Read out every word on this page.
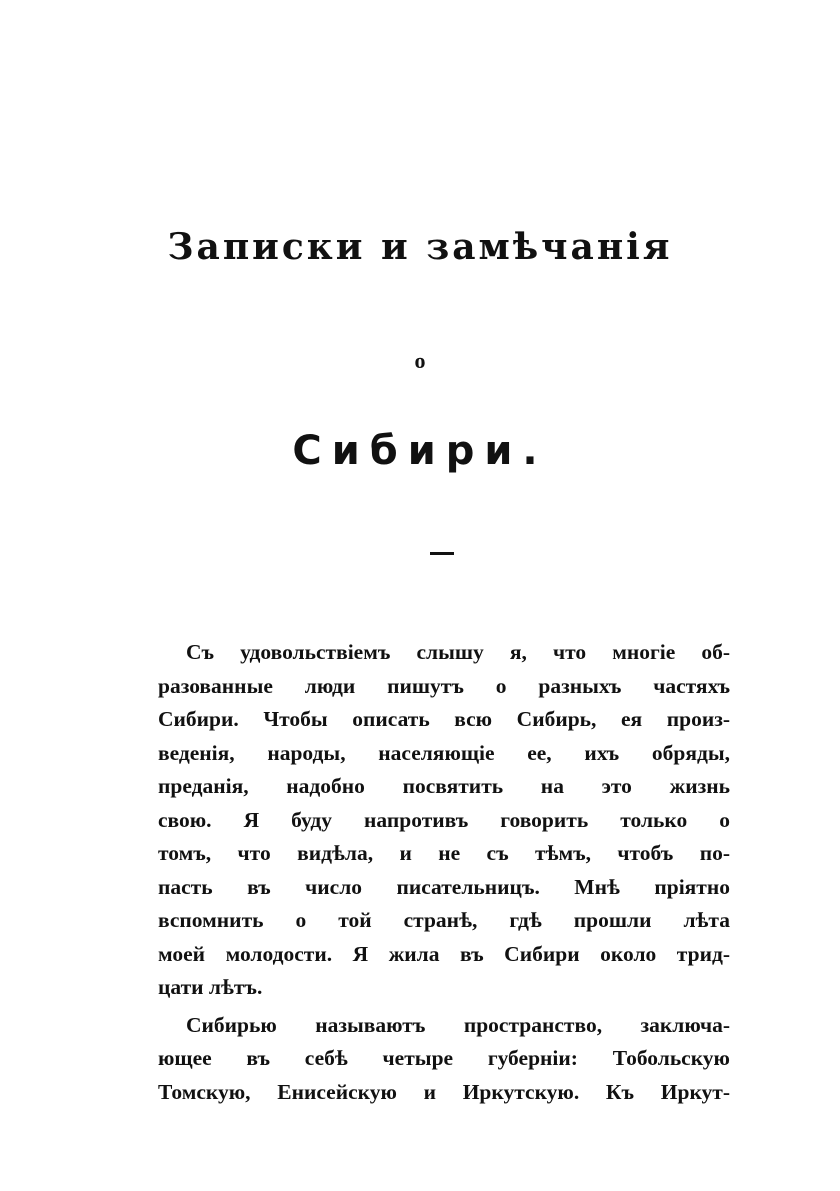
Записки и замѣчанія
о
Сибири.
Съ удовольствіемъ слышу я, что многіе об-
разованные люди пишутъ о разныхъ частяхъ
Сибири. Чтобы описать всю Сибирь, ея произ-
веденія, народы, населяющіе ее, ихъ обряды,
преданія, надобно посвятить на это жизнь
свою. Я буду напротивъ говорить только о
томъ, что видѣла, и не съ тѣмъ, чтобъ по-
пасть въ число писательницъ. Мнѣ пріятно
вспомнить о той странѣ, гдѣ прошли лѣта
моей молодости. Я жила въ Сибири около трид-
цати лѣтъ.
Сибирью называютъ пространство, заключа-
ющее въ себѣ четыре губерніи: Тобольскую
Томскую, Енисейскую и Иркутскую. Къ Иркут-
